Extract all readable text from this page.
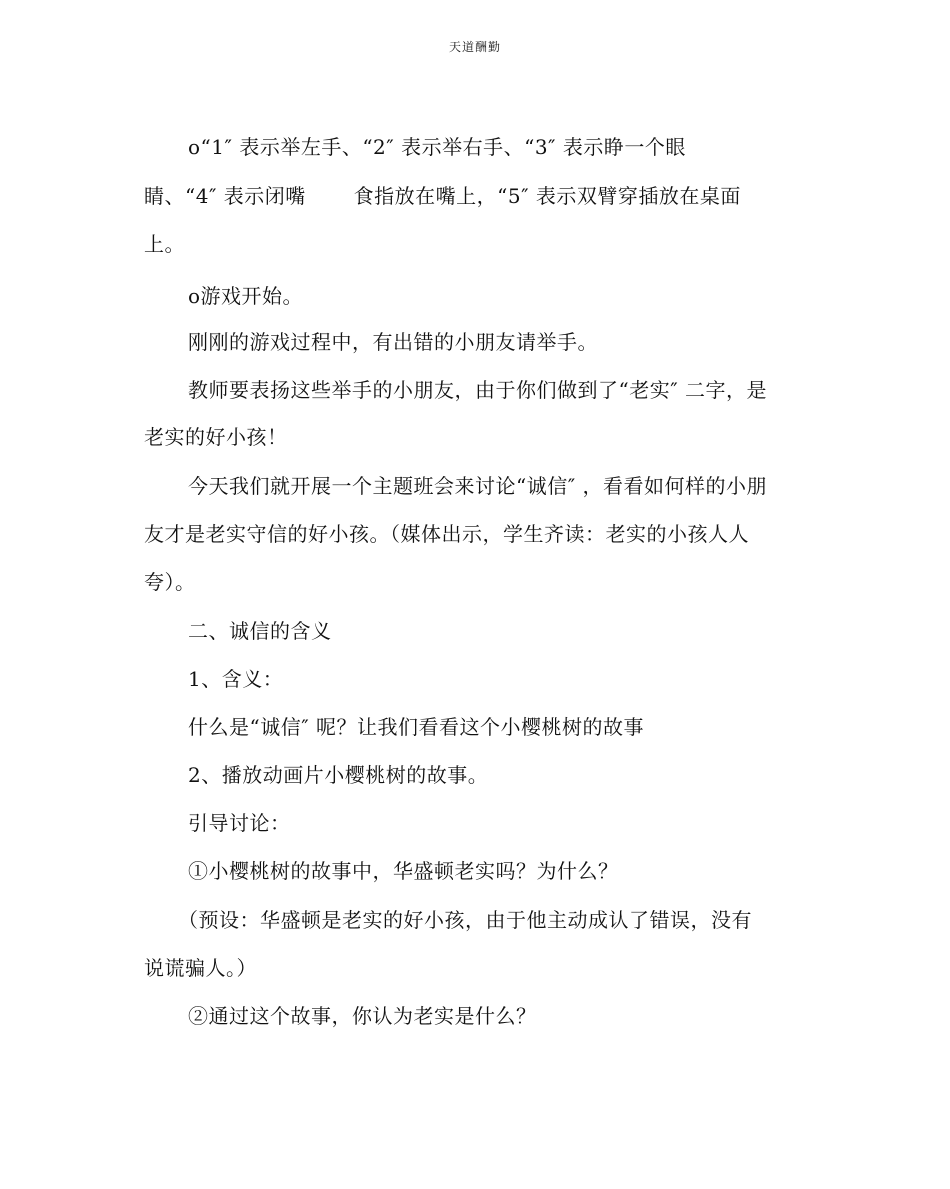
天道酬勤
o“1″ 表示举左手、“2″ 表示举右手、“3″ 表示睁一个眼
睛、“4″ 表示闭嘴　　 食指放在嘴上，“5″ 表示双臂穿插放在桌面
上。
o游戏开始。
刚刚的游戏过程中，有出错的小朋友请举手。
教师要表扬这些举手的小朋友，由于你们做到了“老实″ 二字，是
老实的好小孩！
今天我们就开展一个主题班会来讨论“诚信″ ，看看如何样的小朋
友才是老实守信的好小孩。（媒体出示，学生齐读：老实的小孩人人
夸）。
二、诚信的含义
1、含义：
什么是“诚信″ 呢？让我们看看这个小樱桃树的故事
2、播放动画片小樱桃树的故事。
引导讨论：
①小樱桃树的故事中，华盛顿老实吗？为什么？
（预设：华盛顿是老实的好小孩，由于他主动成认了错误，没有
说谎骗人。）
②通过这个故事，你认为老实是什么？
